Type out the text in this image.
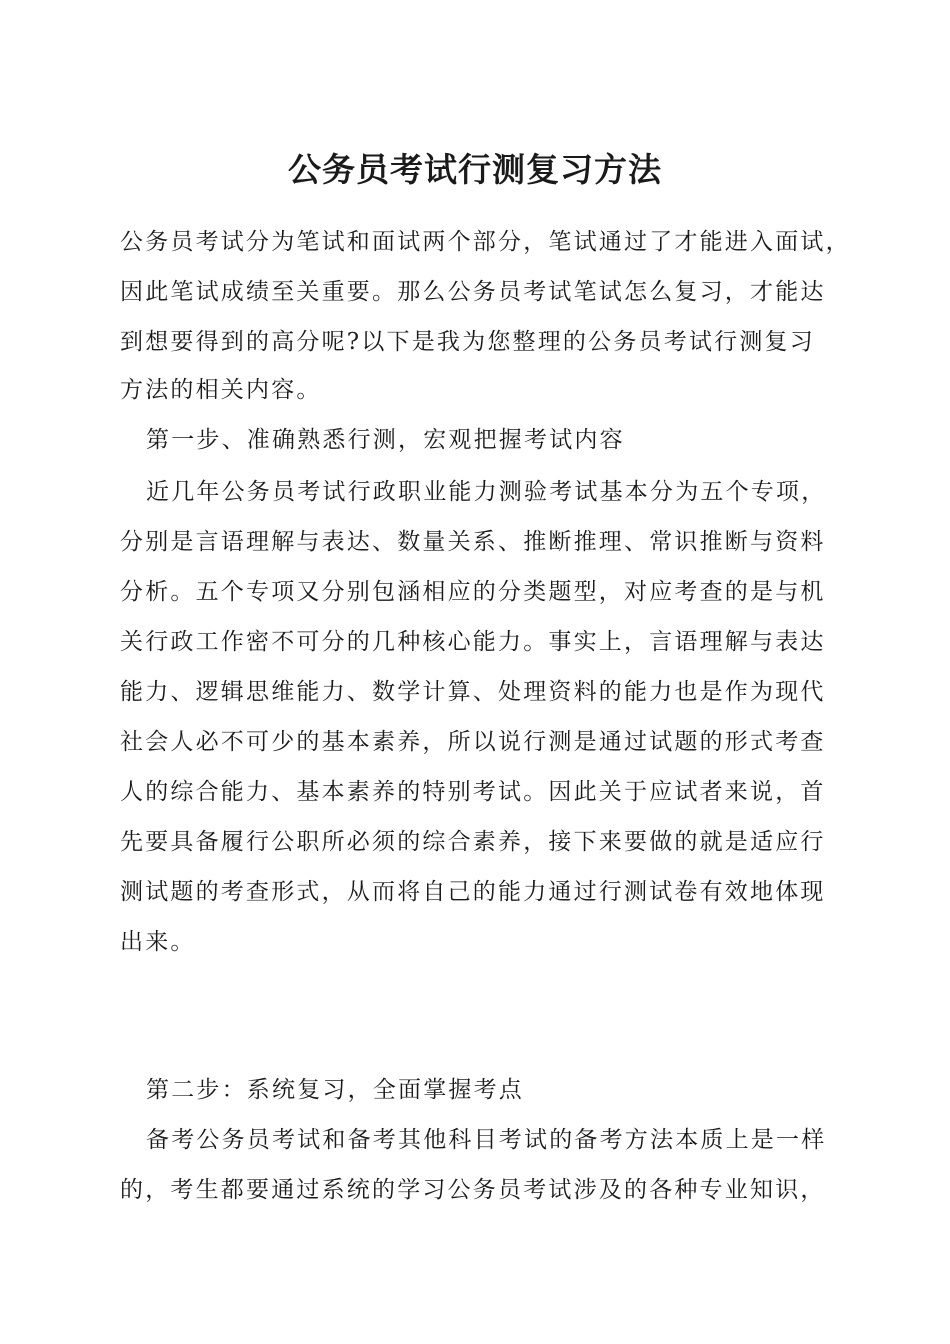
公务员考试行测复习方法

公务员考试分为笔试和面试两个部分，笔试通过了才能进入面试，

因此笔试成绩至关重要。那么公务员考试笔试怎么复习，才能达

到想要得到的高分呢?以下是我为您整理的公务员考试行测复习

方法的相关内容。

第一步、准确熟悉行测，宏观把握考试内容

近几年公务员考试行政职业能力测验考试基本分为五个专项，

分别是言语理解与表达、数量关系、推断推理、常识推断与资料

分析。五个专项又分别包涵相应的分类题型，对应考查的是与机

关行政工作密不可分的几种核心能力。事实上，言语理解与表达

能力、逻辑思维能力、数学计算、处理资料的能力也是作为现代

社会人必不可少的基本素养，所以说行测是通过试题的形式考查

人的综合能力、基本素养的特别考试。因此关于应试者来说，首

先要具备履行公职所必须的综合素养，接下来要做的就是适应行

测试题的考查形式，从而将自己的能力通过行测试卷有效地体现

出来。

第二步：系统复习，全面掌握考点

备考公务员考试和备考其他科目考试的备考方法本质上是一样

的，考生都要通过系统的学习公务员考试涉及的各种专业知识，
